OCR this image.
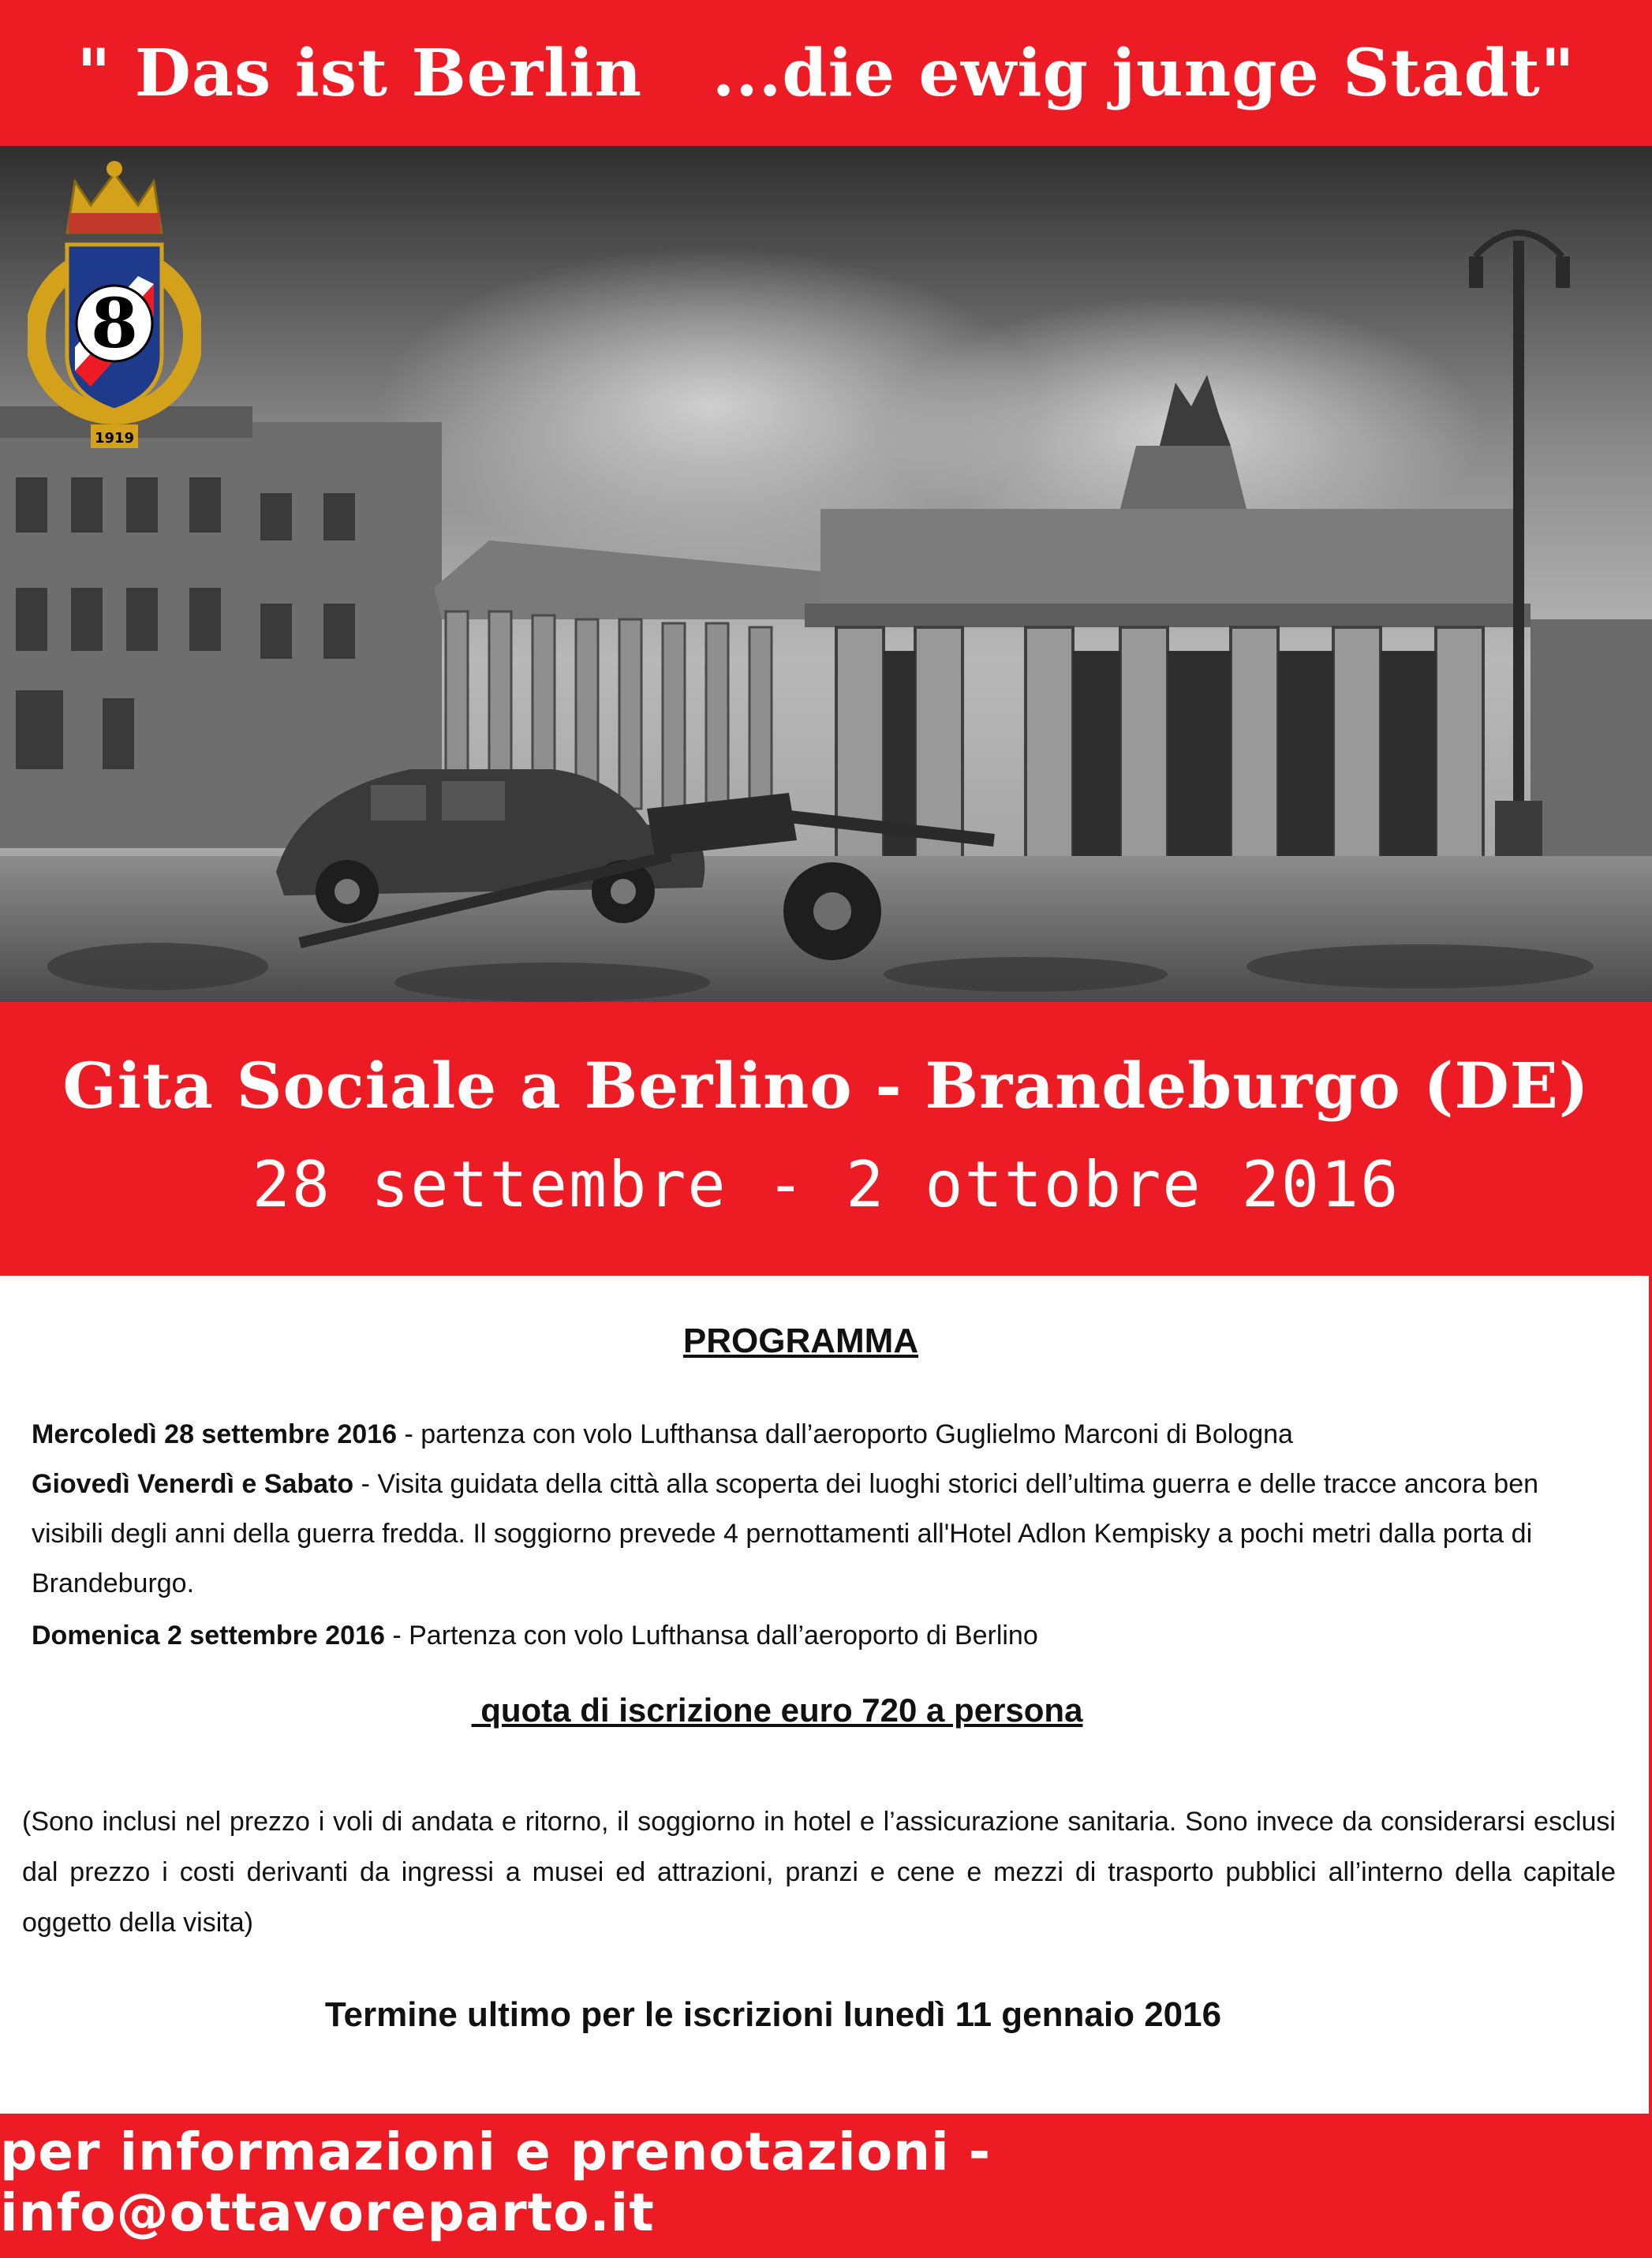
" Das ist Berlin   ...die ewig junge Stadt"
8
1919
Gita Sociale a Berlino - Brandeburgo (DE)
28 settembre - 2 ottobre 2016
PROGRAMMA
Mercoledì 28 settembre 2016 - partenza con volo Lufthansa dall’aeroporto Guglielmo Marconi di Bologna
Giovedì Venerdì e Sabato - Visita guidata della città alla scoperta dei luoghi storici dell’ultima guerra e delle tracce ancora ben visibili degli anni della guerra fredda. Il soggiorno prevede 4 pernottamenti all'Hotel Adlon Kempisky a pochi metri dalla porta di Brandeburgo.
Domenica 2 settembre 2016 - Partenza con volo Lufthansa dall’aeroporto di Berlino
quota di iscrizione euro 720 a persona
(Sono inclusi nel prezzo i voli di andata e ritorno, il soggiorno in hotel e l’assicurazione sanitaria. Sono invece da considerarsi esclusi dal prezzo i costi derivanti da ingressi a musei ed attrazioni, pranzi e cene e mezzi di trasporto pubblici all’interno della capitale oggetto della visita)
Termine ultimo per le iscrizioni lunedì 11 gennaio 2016
per informazioni e prenotazioni - info@ottavoreparto.it
